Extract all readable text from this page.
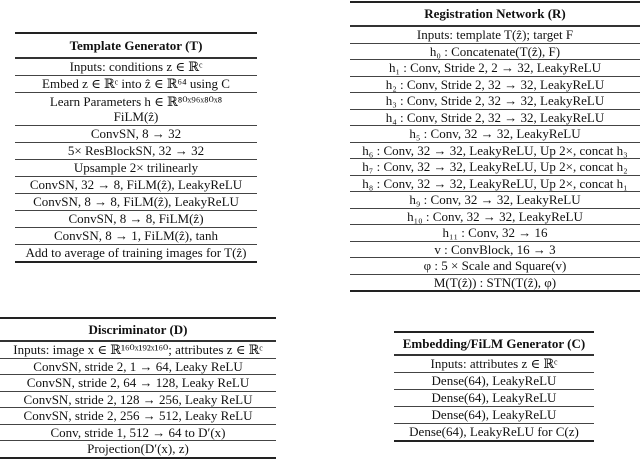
Template Generator (T)
Inputs: conditions z ∈ ℝᶜ
Embed z ∈ ℝᶜ into ẑ ∈ ℝ⁶⁴ using C
Learn Parameters h ∈ ℝ⁸⁰ˣ⁹⁶ˣ⁸⁰ˣ⁸
FiLM(ẑ)
ConvSN, 8 → 32
5× ResBlockSN, 32 → 32
Upsample 2× trilinearly
ConvSN, 32 → 8, FiLM(ẑ), LeakyReLU
ConvSN, 8 → 8, FiLM(ẑ), LeakyReLU
ConvSN, 8 → 8, FiLM(ẑ)
ConvSN, 8 → 1, FiLM(ẑ), tanh
Add to average of training images for T(ẑ)
Registration Network (R)
Inputs: template T(ẑ); target F
h₀ : Concatenate(T(ẑ), F)
h₁ : Conv, Stride 2, 2 → 32, LeakyReLU
h₂ : Conv, Stride 2, 32 → 32, LeakyReLU
h₃ : Conv, Stride 2, 32 → 32, LeakyReLU
h₄ : Conv, Stride 2, 32 → 32, LeakyReLU
h₅ : Conv, 32 → 32, LeakyReLU
h₆ : Conv, 32 → 32, LeakyReLU, Up 2×, concat h₃
h₇ : Conv, 32 → 32, LeakyReLU, Up 2×, concat h₂
h₈ : Conv, 32 → 32, LeakyReLU, Up 2×, concat h₁
h₉ : Conv, 32 → 32, LeakyReLU
h₁₀ : Conv, 32 → 32, LeakyReLU
h₁₁ : Conv, 32 → 16
v : ConvBlock, 16 → 3
φ : 5 × Scale and Square(v)
M(T(ẑ)) : STN(T(ẑ), φ)
Discriminator (D)
Inputs: image x ∈ ℝ¹⁶⁰ˣ¹⁹²ˣ¹⁶⁰; attributes z ∈ ℝᶜ
ConvSN, stride 2, 1 → 64, Leaky ReLU
ConvSN, stride 2, 64 → 128, Leaky ReLU
ConvSN, stride 2, 128 → 256, Leaky ReLU
ConvSN, stride 2, 256 → 512, Leaky ReLU
Conv, stride 1, 512 → 64 to D′(x)
Projection(D′(x), z)
Embedding/FiLM Generator (C)
Inputs: attributes z ∈ ℝᶜ
Dense(64), LeakyReLU
Dense(64), LeakyReLU
Dense(64), LeakyReLU
Dense(64), LeakyReLU for C(z)
